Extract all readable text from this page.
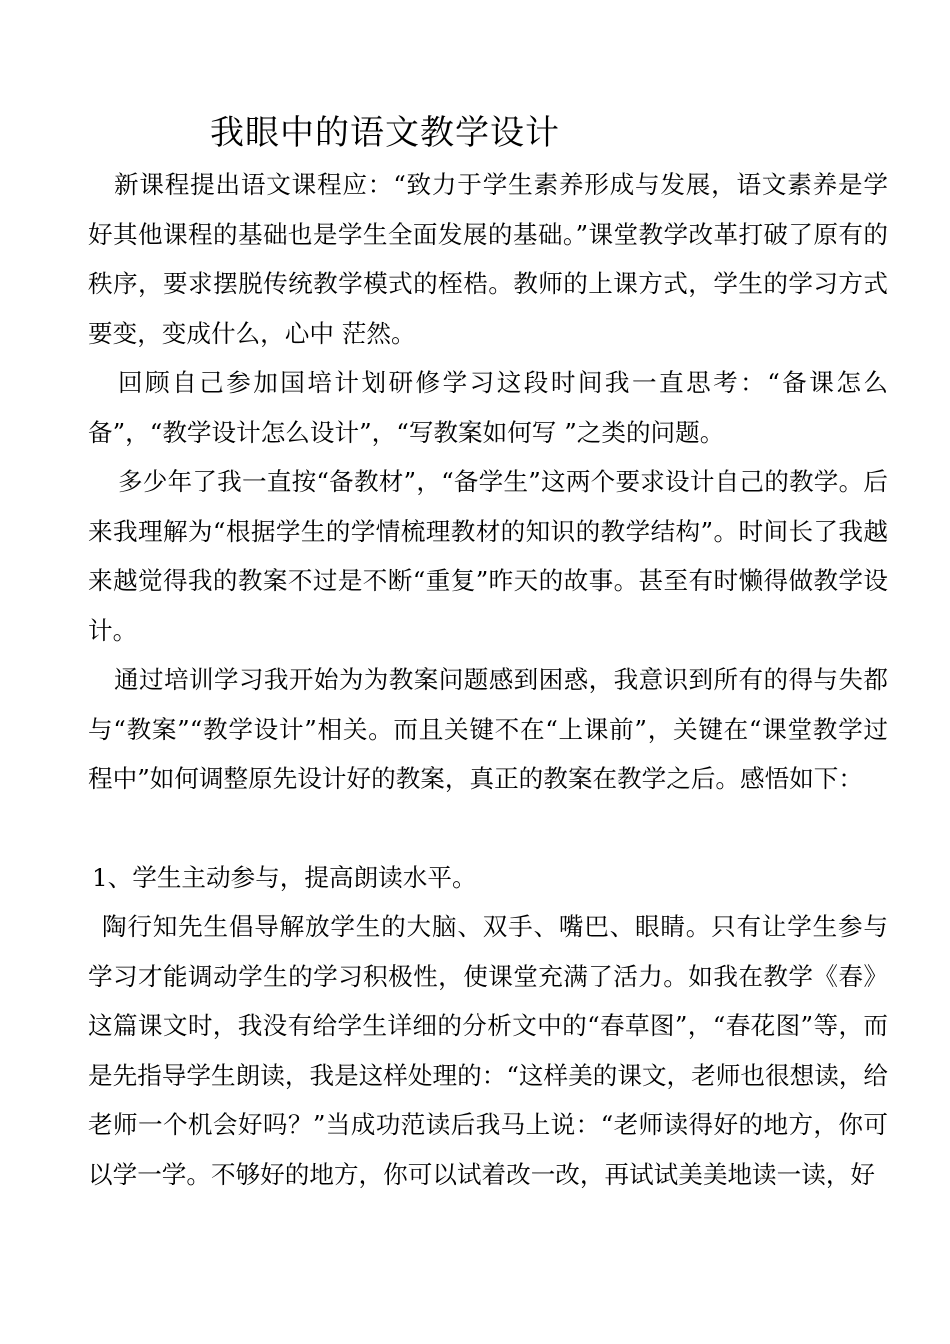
我眼中的语文教学设计

新课程提出语文课程应：“致力于学生素养形成与发展，语文素养是学好其他课程的基础也是学生全面发展的基础。”课堂教学改革打破了原有的秩序，要求摆脱传统教学模式的桎梏。教师的上课方式，学生的学习方式要变，变成什么，心中 茫然。

回顾自己参加国培计划研修学习这段时间我一直思考：“备课怎么备”，“教学设计怎么设计”，“写教案如何写 ”之类的问题。

多少年了我一直按“备教材”，“备学生”这两个要求设计自己的教学。后来我理解为“根据学生的学情梳理教材的知识的教学结构”。时间长了我越来越觉得我的教案不过是不断“重复”昨天的故事。甚至有时懒得做教学设计。

通过培训学习我开始为为教案问题感到困惑，我意识到所有的得与失都与“教案”“教学设计”相关。而且关键不在“上课前”，关键在“课堂教学过程中”如何调整原先设计好的教案，真正的教案在教学之后。感悟如下：

1、学生主动参与，提高朗读水平。

陶行知先生倡导解放学生的大脑、双手、嘴巴、眼睛。只有让学生参与学习才能调动学生的学习积极性，使课堂充满了活力。如我在教学《春》这篇课文时，我没有给学生详细的分析文中的“春草图”，“春花图”等，而是先指导学生朗读，我是这样处理的：“这样美的课文，老师也很想读，给老师一个机会好吗？”当成功范读后我马上说：“老师读得好的地方，你可以学一学。不够好的地方，你可以试着改一改，再试试美美地读一读，好
